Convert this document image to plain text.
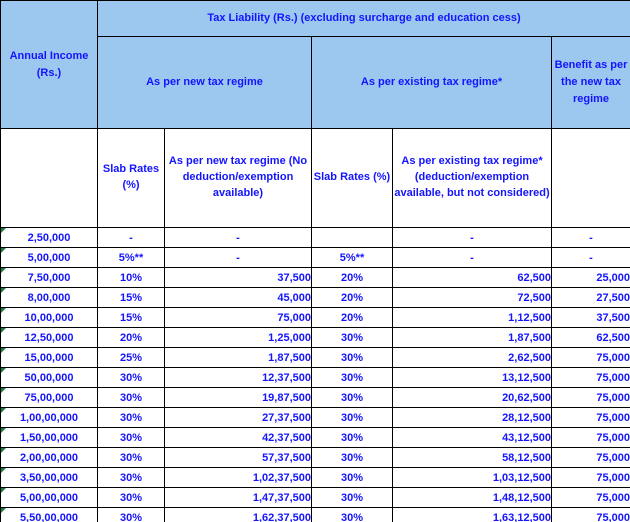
Annual Income (Rs.)	Tax Liability (Rs.) (excluding surcharge and education cess)				
	As per new tax regime		As per existing tax regime*		Benefit as per the new tax regime
	Slab Rates (%)	As per new tax regime (No deduction/exemption available)	Slab Rates (%)	As per existing tax regime* (deduction/exemption available, but not considered)	

2,50,000	-	-		-	-

5,00,000	5%**	-	5%**	-	-

7,50,000	10%	37,500	20%	62,500	25,000

8,00,000	15%	45,000	20%	72,500	27,500

10,00,000	15%	75,000	20%	1,12,500	37,500

12,50,000	20%	1,25,000	30%	1,87,500	62,500

15,00,000	25%	1,87,500	30%	2,62,500	75,000

50,00,000	30%	12,37,500	30%	13,12,500	75,000

75,00,000	30%	19,87,500	30%	20,62,500	75,000

1,00,00,000	30%	27,37,500	30%	28,12,500	75,000

1,50,00,000	30%	42,37,500	30%	43,12,500	75,000

2,00,00,000	30%	57,37,500	30%	58,12,500	75,000

3,50,00,000	30%	1,02,37,500	30%	1,03,12,500	75,000

5,00,00,000	30%	1,47,37,500	30%	1,48,12,500	75,000

5,50,00,000	30%	1,62,37,500	30%	1,63,12,500	75,000
